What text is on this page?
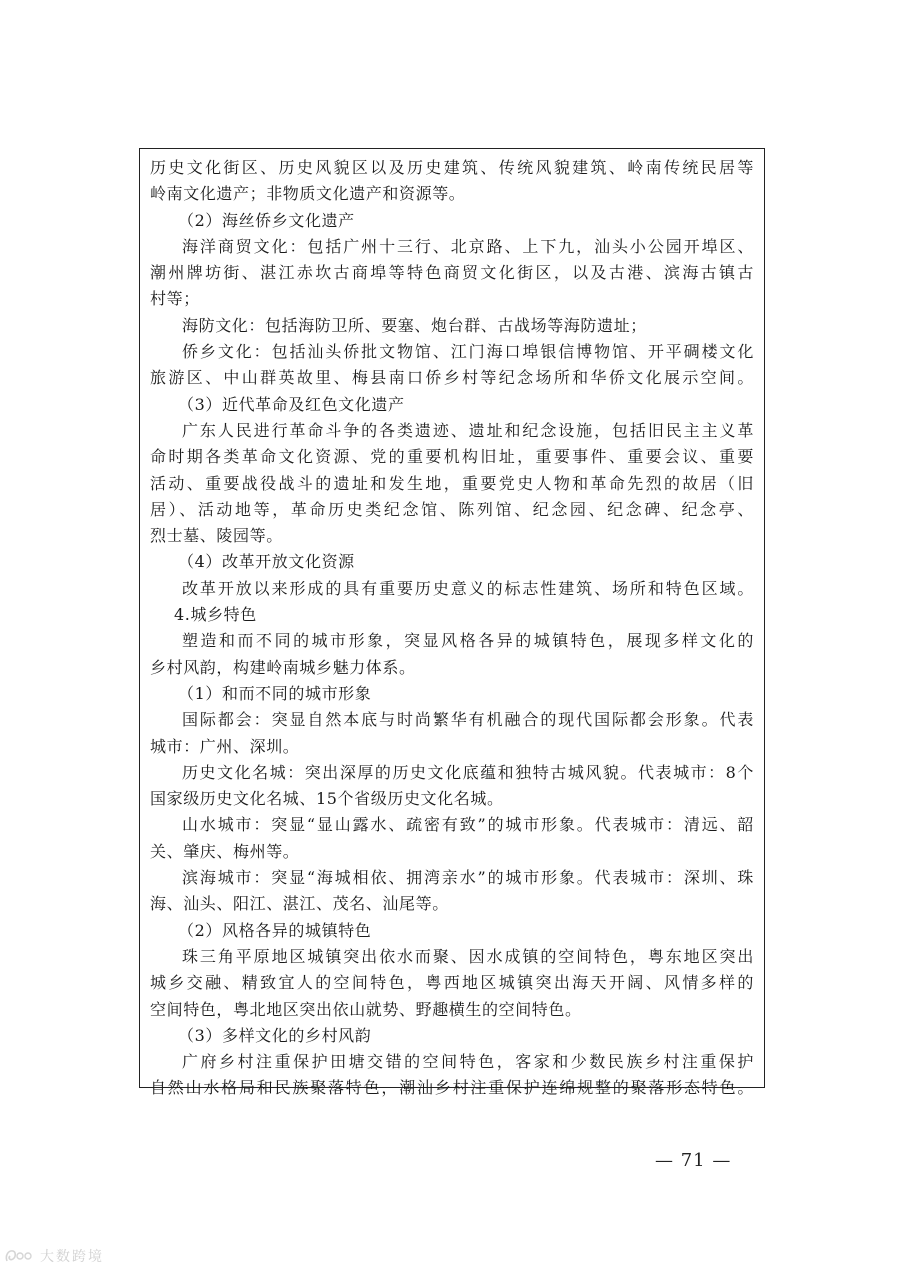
历史文化街区、历史风貌区以及历史建筑、传统风貌建筑、岭南传统民居等
岭南文化遗产；非物质文化遗产和资源等。
（2）海丝侨乡文化遗产
海洋商贸文化：包括广州十三行、北京路、上下九，汕头小公园开埠区、
潮州牌坊街、湛江赤坎古商埠等特色商贸文化街区，以及古港、滨海古镇古
村等；
海防文化：包括海防卫所、要塞、炮台群、古战场等海防遗址；
侨乡文化：包括汕头侨批文物馆、江门海口埠银信博物馆、开平碉楼文化
旅游区、中山群英故里、梅县南口侨乡村等纪念场所和华侨文化展示空间。
（3）近代革命及红色文化遗产
广东人民进行革命斗争的各类遗迹、遗址和纪念设施，包括旧民主主义革
命时期各类革命文化资源、党的重要机构旧址，重要事件、重要会议、重要
活动、重要战役战斗的遗址和发生地，重要党史人物和革命先烈的故居（旧
居）、活动地等，革命历史类纪念馆、陈列馆、纪念园、纪念碑、纪念亭、
烈士墓、陵园等。
（4）改革开放文化资源
改革开放以来形成的具有重要历史意义的标志性建筑、场所和特色区域。
4.城乡特色
塑造和而不同的城市形象，突显风格各异的城镇特色，展现多样文化的
乡村风韵，构建岭南城乡魅力体系。
（1）和而不同的城市形象
国际都会：突显自然本底与时尚繁华有机融合的现代国际都会形象。代表
城市：广州、深圳。
历史文化名城：突出深厚的历史文化底蕴和独特古城风貌。代表城市：8个
国家级历史文化名城、15个省级历史文化名城。
山水城市：突显“显山露水、疏密有致”的城市形象。代表城市：清远、韶
关、肇庆、梅州等。
滨海城市：突显“海城相依、拥湾亲水”的城市形象。代表城市：深圳、珠
海、汕头、阳江、湛江、茂名、汕尾等。
（2）风格各异的城镇特色
珠三角平原地区城镇突出依水而聚、因水成镇的空间特色，粤东地区突出
城乡交融、精致宜人的空间特色，粤西地区城镇突出海天开阔、风情多样的
空间特色，粤北地区突出依山就势、野趣横生的空间特色。
（3）多样文化的乡村风韵
广府乡村注重保护田塘交错的空间特色，客家和少数民族乡村注重保护
自然山水格局和民族聚落特色，潮汕乡村注重保护连绵规整的聚落形态特色。
— 71 —
大数跨境
